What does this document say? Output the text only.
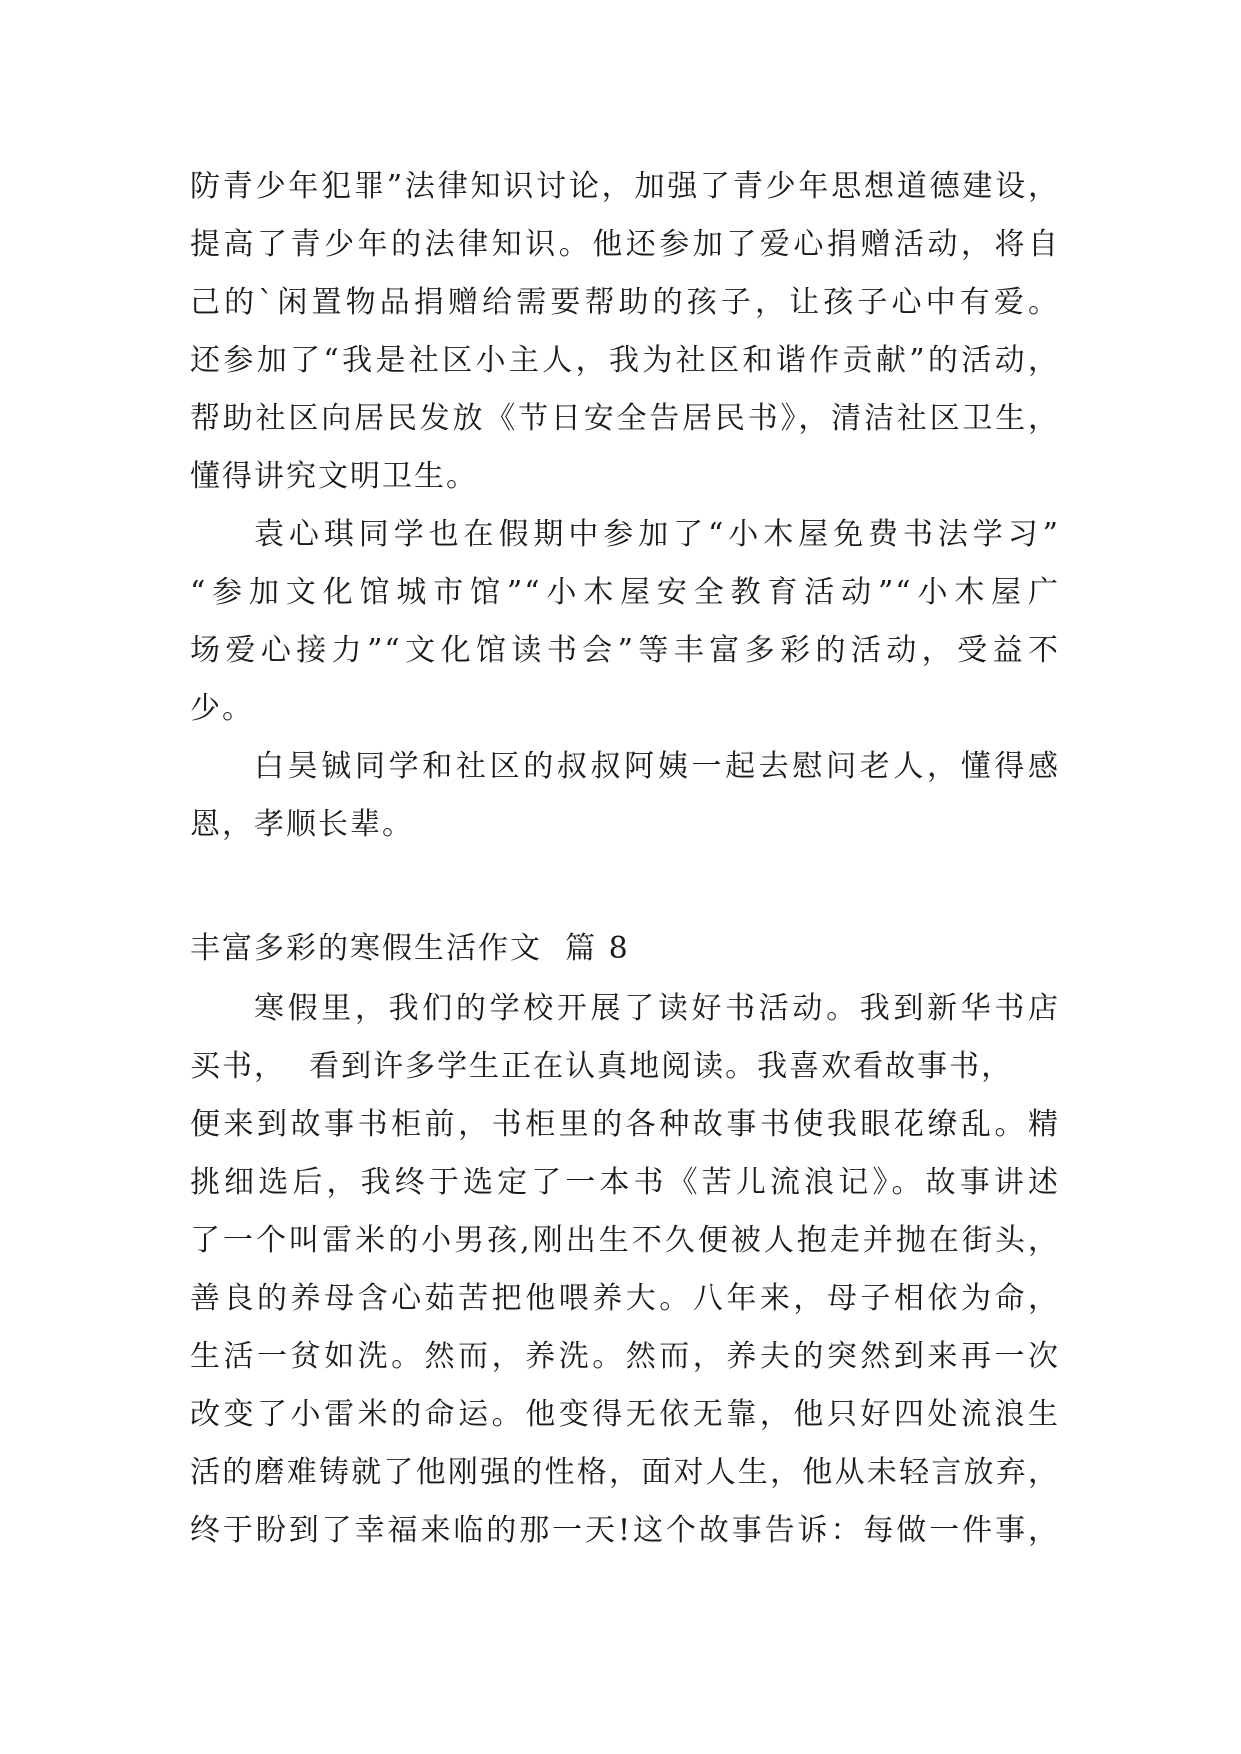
防青少年犯罪”法律知识讨论，加强了青少年思想道德建设，
提高了青少年的法律知识。他还参加了爱心捐赠活动，将自
己的`闲置物品捐赠给需要帮助的孩子，让孩子心中有爱。
还参加了“我是社区小主人，我为社区和谐作贡献”的活动，
帮助社区向居民发放《节日安全告居民书》，清洁社区卫生，
懂得讲究文明卫生。
袁心琪同学也在假期中参加了“小木屋免费书法学习”
“参加文化馆城市馆”“小木屋安全教育活动”“小木屋广
场爱心接力”“文化馆读书会”等丰富多彩的活动，受益不
少。
白昊铖同学和社区的叔叔阿姨一起去慰问老人，懂得感
恩，孝顺长辈。
丰富多彩的寒假生活作文  篇 8
寒假里，我们的学校开展了读好书活动。我到新华书店
买书，  看到许多学生正在认真地阅读。我喜欢看故事书，
便来到故事书柜前，书柜里的各种故事书使我眼花缭乱。精
挑细选后，我终于选定了一本书《苦儿流浪记》。故事讲述
了一个叫雷米的小男孩,刚出生不久便被人抱走并抛在街头，
善良的养母含心茹苦把他喂养大。八年来，母子相依为命，
生活一贫如洗。然而，养洗。然而，养夫的突然到来再一次
改变了小雷米的命运。他变得无依无靠，他只好四处流浪生
活的磨难铸就了他刚强的性格，面对人生，他从未轻言放弃，
终于盼到了幸福来临的那一天!这个故事告诉：每做一件事，
